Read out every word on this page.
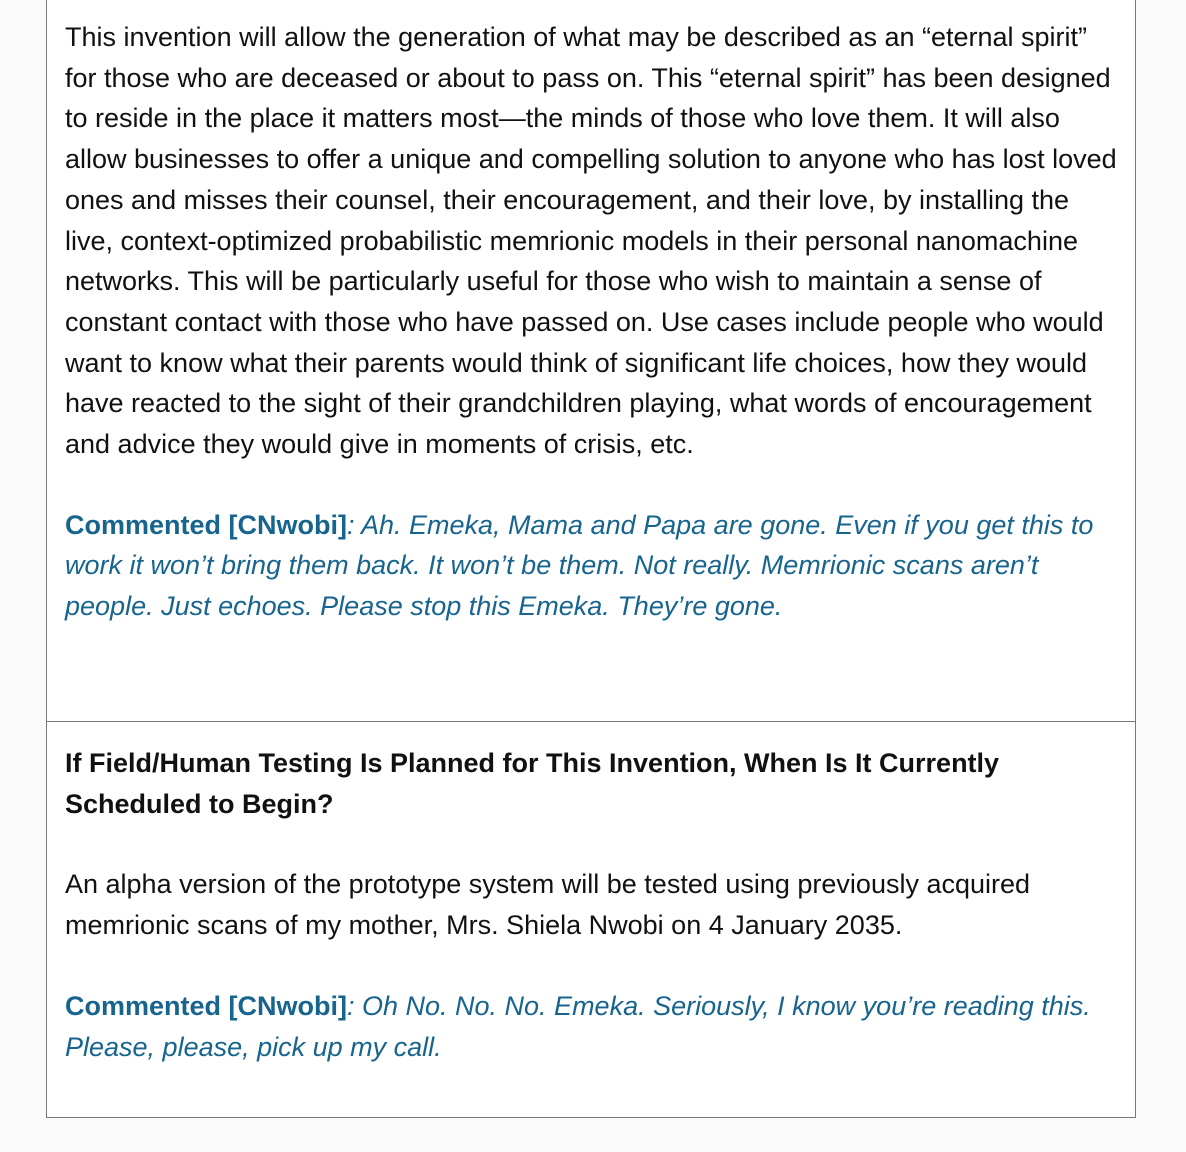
This invention will allow the generation of what may be described as an “eternal spirit” for those who are deceased or about to pass on. This “eternal spirit” has been designed to reside in the place it matters most—the minds of those who love them. It will also allow businesses to offer a unique and compelling solution to anyone who has lost loved ones and misses their counsel, their encouragement, and their love, by installing the live, context-optimized probabilistic memrionic models in their personal nanomachine networks. This will be particularly useful for those who wish to maintain a sense of constant contact with those who have passed on. Use cases include people who would want to know what their parents would think of significant life choices, how they would have reacted to the sight of their grandchildren playing, what words of encouragement and advice they would give in moments of crisis, etc.

Commented [CNwobi]: Ah. Emeka, Mama and Papa are gone. Even if you get this to work it won’t bring them back. It won’t be them. Not really. Memrionic scans aren’t people. Just echoes. Please stop this Emeka. They’re gone.

If Field/Human Testing Is Planned for This Invention, When Is It Currently Scheduled to Begin?

An alpha version of the prototype system will be tested using previously acquired memrionic scans of my mother, Mrs. Shiela Nwobi on 4 January 2035.

Commented [CNwobi]: Oh No. No. No. Emeka. Seriously, I know you’re reading this. Please, please, pick up my call.
